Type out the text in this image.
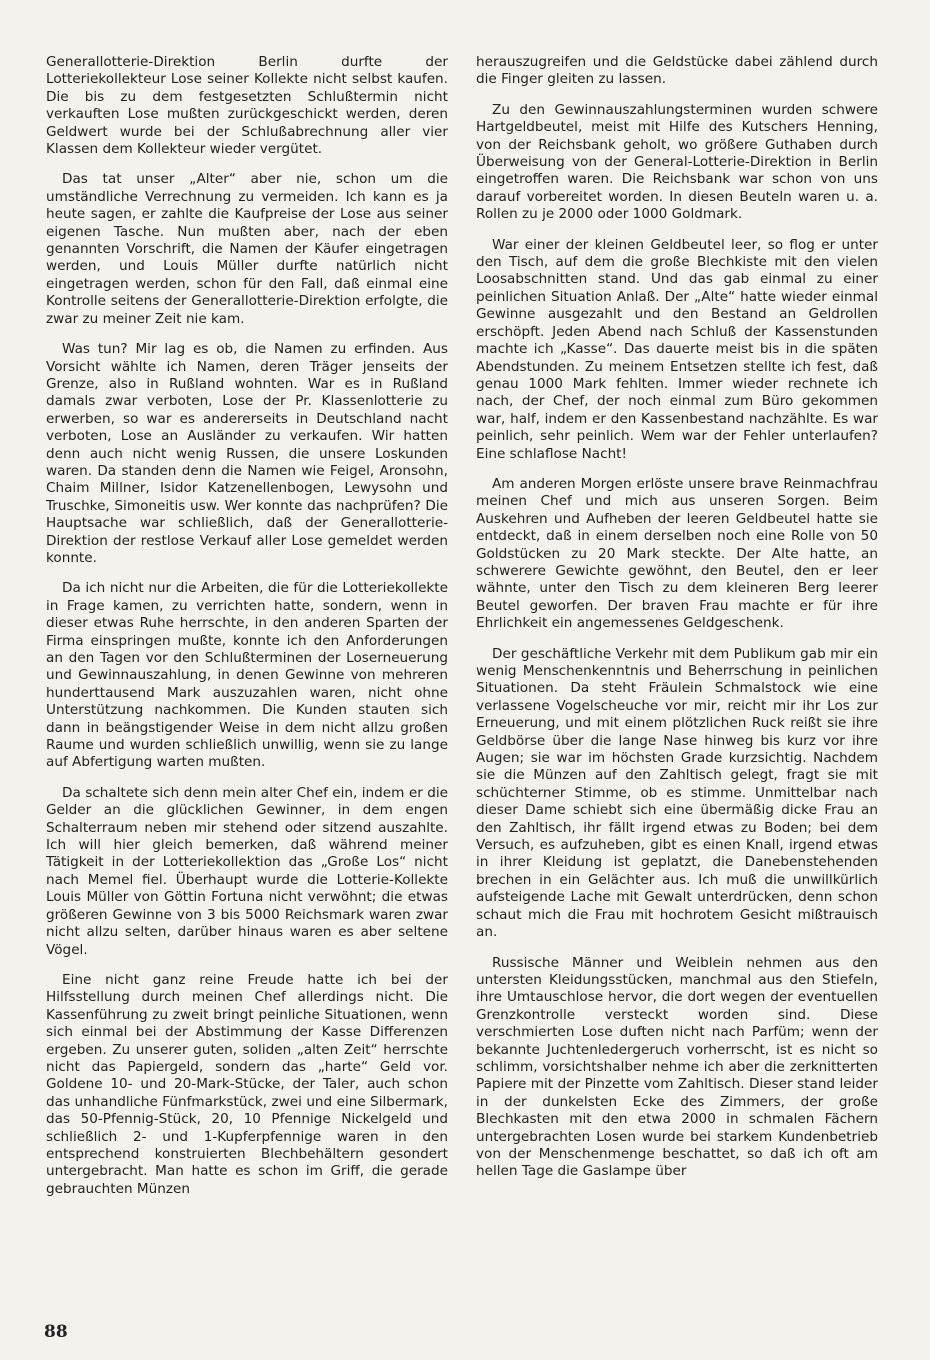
Generallotterie-Direktion Berlin durfte der Lotteriekollekteur Lose seiner Kollekte nicht selbst kaufen. Die bis zu dem festgesetzten Schlußtermin nicht verkauften Lose mußten zurückgeschickt werden, deren Geldwert wurde bei der Schlußabrechnung aller vier Klassen dem Kollekteur wieder vergütet.

Das tat unser „Alter“ aber nie, schon um die umständliche Verrechnung zu vermeiden. Ich kann es ja heute sagen, er zahlte die Kaufpreise der Lose aus seiner eigenen Tasche. Nun mußten aber, nach der eben genannten Vorschrift, die Namen der Käufer eingetragen werden, und Louis Müller durfte natürlich nicht eingetragen werden, schon für den Fall, daß einmal eine Kontrolle seitens der Generallotterie-Direktion erfolgte, die zwar zu meiner Zeit nie kam.

Was tun? Mir lag es ob, die Namen zu erfinden. Aus Vorsicht wählte ich Namen, deren Träger jenseits der Grenze, also in Rußland wohnten. War es in Rußland damals zwar verboten, Lose der Pr. Klassenlotterie zu erwerben, so war es andererseits in Deutschland nacht verboten, Lose an Ausländer zu verkaufen. Wir hatten denn auch nicht wenig Russen, die unsere Loskunden waren. Da standen denn die Namen wie Feigel, Aronsohn, Chaim Millner, Isidor Katzenellenbogen, Lewysohn und Truschke, Simoneitis usw. Wer konnte das nachprüfen? Die Hauptsache war schließlich, daß der Generallotterie-Direktion der restlose Verkauf aller Lose gemeldet werden konnte.

Da ich nicht nur die Arbeiten, die für die Lotteriekollekte in Frage kamen, zu verrichten hatte, sondern, wenn in dieser etwas Ruhe herrschte, in den anderen Sparten der Firma einspringen mußte, konnte ich den Anforderungen an den Tagen vor den Schlußterminen der Loserneuerung und Gewinnauszahlung, in denen Gewinne von mehreren hunderttausend Mark auszuzahlen waren, nicht ohne Unterstützung nachkommen. Die Kunden stauten sich dann in beängstigender Weise in dem nicht allzu großen Raume und wurden schließlich unwillig, wenn sie zu lange auf Abfertigung warten mußten.

Da schaltete sich denn mein alter Chef ein, indem er die Gelder an die glücklichen Gewinner, in dem engen Schalterraum neben mir stehend oder sitzend auszahlte. Ich will hier gleich bemerken, daß während meiner Tätigkeit in der Lotteriekollektion das „Große Los“ nicht nach Memel fiel. Überhaupt wurde die Lotterie-Kollekte Louis Müller von Göttin Fortuna nicht verwöhnt; die etwas größeren Gewinne von 3 bis 5000 Reichsmark waren zwar nicht allzu selten, darüber hinaus waren es aber seltene Vögel.

Eine nicht ganz reine Freude hatte ich bei der Hilfsstellung durch meinen Chef allerdings nicht. Die Kassenführung zu zweit bringt peinliche Situationen, wenn sich einmal bei der Abstimmung der Kasse Differenzen ergeben. Zu unserer guten, soliden „alten Zeit“ herrschte nicht das Papiergeld, sondern das „harte“ Geld vor. Goldene 10- und 20-Mark-Stücke, der Taler, auch schon das unhandliche Fünfmarkstück, zwei und eine Silbermark, das 50-Pfennig-Stück, 20, 10 Pfennige Nickelgeld und schließlich 2- und 1-Kupferpfennige waren in den entsprechend konstruierten Blechbehältern gesondert untergebracht. Man hatte es schon im Griff, die gerade gebrauchten Münzen

herauszugreifen und die Geldstücke dabei zählend durch die Finger gleiten zu lassen.

Zu den Gewinnauszahlungsterminen wurden schwere Hartgeldbeutel, meist mit Hilfe des Kutschers Henning, von der Reichsbank geholt, wo größere Guthaben durch Überweisung von der General-Lotterie-Direktion in Berlin eingetroffen waren. Die Reichsbank war schon von uns darauf vorbereitet worden. In diesen Beuteln waren u. a. Rollen zu je 2000 oder 1000 Goldmark.

War einer der kleinen Geldbeutel leer, so flog er unter den Tisch, auf dem die große Blechkiste mit den vielen Loosabschnitten stand. Und das gab einmal zu einer peinlichen Situation Anlaß. Der „Alte“ hatte wieder einmal Gewinne ausgezahlt und den Bestand an Geldrollen erschöpft. Jeden Abend nach Schluß der Kassenstunden machte ich „Kasse“. Das dauerte meist bis in die späten Abendstunden. Zu meinem Entsetzen stellte ich fest, daß genau 1000 Mark fehlten. Immer wieder rechnete ich nach, der Chef, der noch einmal zum Büro gekommen war, half, indem er den Kassenbestand nachzählte. Es war peinlich, sehr peinlich. Wem war der Fehler unterlaufen? Eine schlaflose Nacht!

Am anderen Morgen erlöste unsere brave Reinmachfrau meinen Chef und mich aus unseren Sorgen. Beim Auskehren und Aufheben der leeren Geldbeutel hatte sie entdeckt, daß in einem derselben noch eine Rolle von 50 Goldstücken zu 20 Mark steckte. Der Alte hatte, an schwerere Gewichte gewöhnt, den Beutel, den er leer wähnte, unter den Tisch zu dem kleineren Berg leerer Beutel geworfen. Der braven Frau machte er für ihre Ehrlichkeit ein angemessenes Geldgeschenk.

Der geschäftliche Verkehr mit dem Publikum gab mir ein wenig Menschenkenntnis und Beherrschung in peinlichen Situationen. Da steht Fräulein Schmalstock wie eine verlassene Vogelscheuche vor mir, reicht mir ihr Los zur Erneuerung, und mit einem plötzlichen Ruck reißt sie ihre Geldbörse über die lange Nase hinweg bis kurz vor ihre Augen; sie war im höchsten Grade kurzsichtig. Nachdem sie die Münzen auf den Zahltisch gelegt, fragt sie mit schüchterner Stimme, ob es stimme. Unmittelbar nach dieser Dame schiebt sich eine übermäßig dicke Frau an den Zahltisch, ihr fällt irgend etwas zu Boden; bei dem Versuch, es aufzuheben, gibt es einen Knall, irgend etwas in ihrer Kleidung ist geplatzt, die Danebenstehenden brechen in ein Gelächter aus. Ich muß die unwillkürlich aufsteigende Lache mit Gewalt unterdrücken, denn schon schaut mich die Frau mit hochrotem Gesicht mißtrauisch an.

Russische Männer und Weiblein nehmen aus den untersten Kleidungsstücken, manchmal aus den Stiefeln, ihre Umtauschlose hervor, die dort wegen der eventuellen Grenzkontrolle versteckt worden sind. Diese verschmierten Lose duften nicht nach Parfüm; wenn der bekannte Juchtenledergeruch vorherrscht, ist es nicht so schlimm, vorsichtshalber nehme ich aber die zerknitterten Papiere mit der Pinzette vom Zahltisch. Dieser stand leider in der dunkelsten Ecke des Zimmers, der große Blechkasten mit den etwa 2000 in schmalen Fächern untergebrachten Losen wurde bei starkem Kundenbetrieb von der Menschenmenge beschattet, so daß ich oft am hellen Tage die Gaslampe über

88
